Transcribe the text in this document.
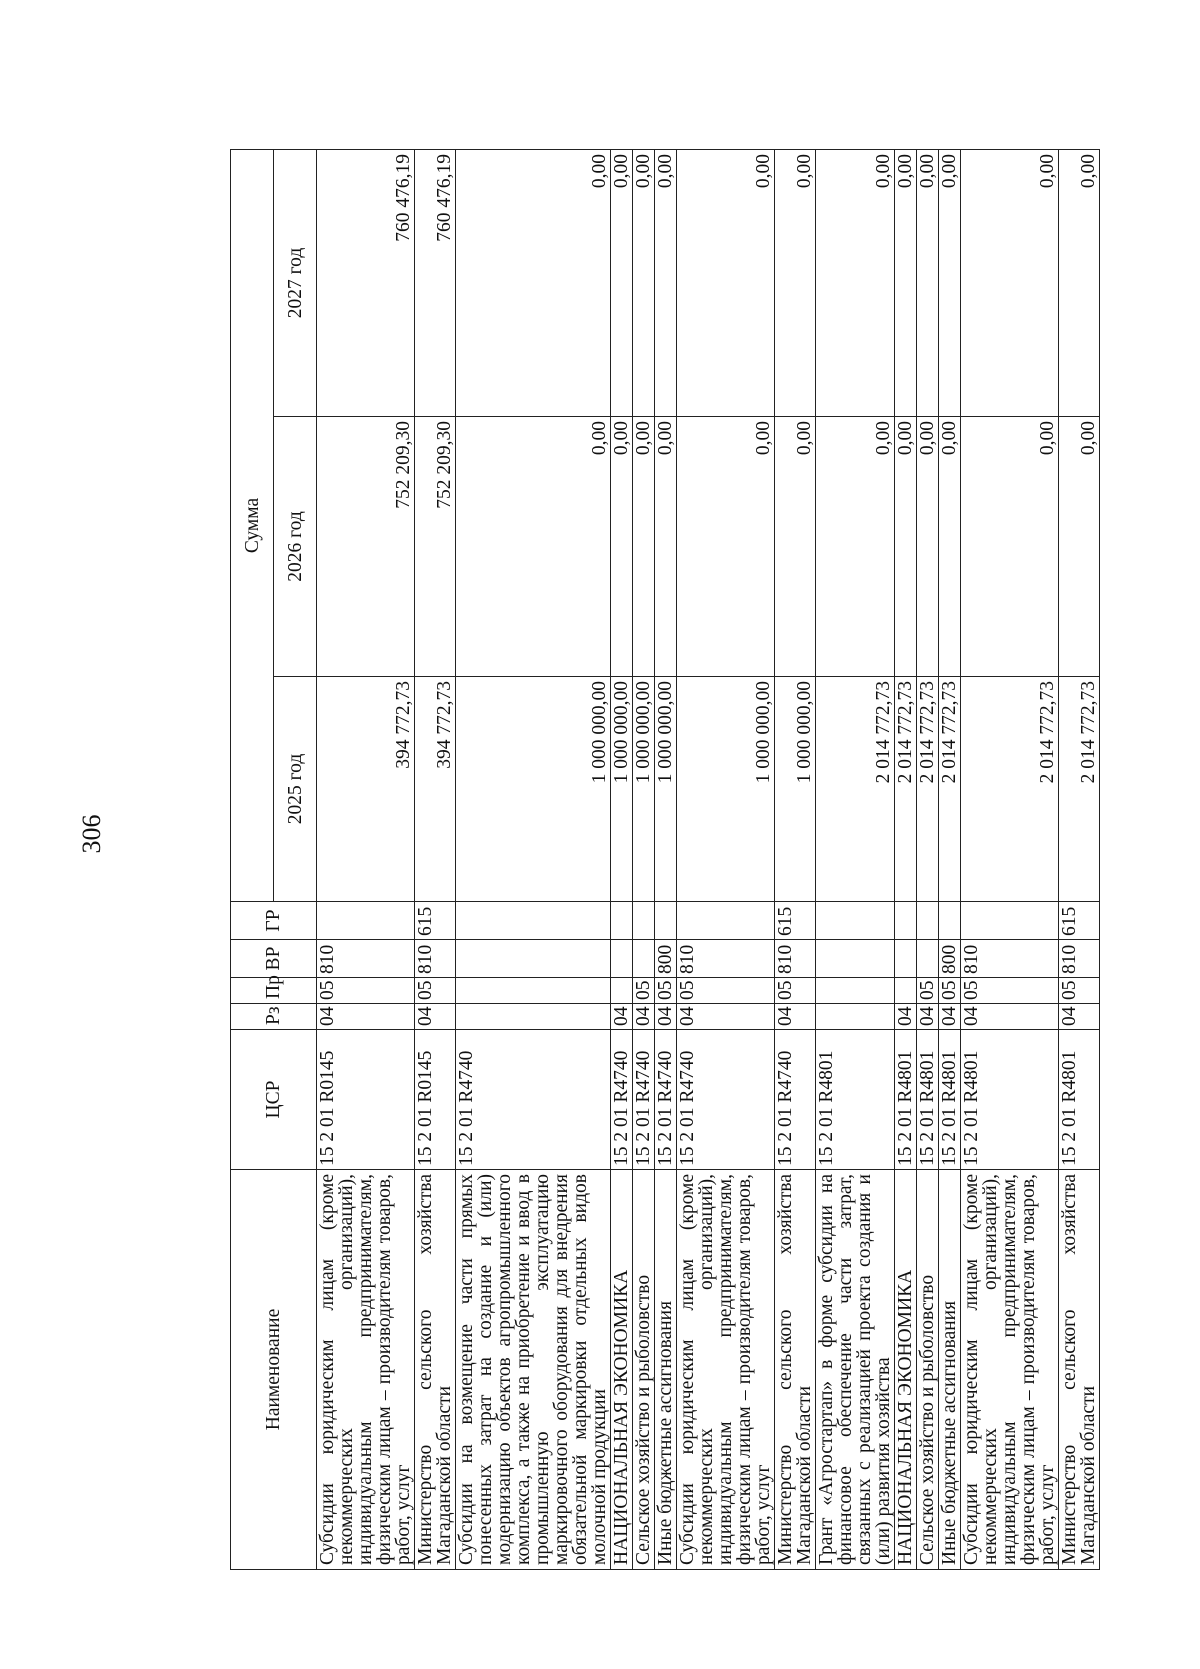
306
Наименование	ЦСР	Рз	Пр	ВР	ГР	Сумма		
						2025 год	2026 год	2027 год
Субсидии юридическим лицам (кроме некоммерческих организаций), индивидуальным предпринимателям, физическим лицам – производителям товаров, работ, услуг	15 2 01 R0145	04	05	810		394 772,73	752 209,30	760 476,19
Министерство сельского хозяйства Магаданской области	15 2 01 R0145	04	05	810	615	394 772,73	752 209,30	760 476,19
Субсидии на возмещение части прямых понесенных затрат на создание и (или) модернизацию объектов агропромышленного комплекса, а также на приобретение и ввод в промышленную эксплуатацию маркировочного оборудования для внедрения обязательной маркировки отдельных видов молочной продукции	15 2 01 R4740					1 000 000,00	0,00	0,00
НАЦИОНАЛЬНАЯ ЭКОНОМИКА	15 2 01 R4740	04				1 000 000,00	0,00	0,00
Сельское хозяйство и рыболовство	15 2 01 R4740	04	05			1 000 000,00	0,00	0,00
Иные бюджетные ассигнования	15 2 01 R4740	04	05	800		1 000 000,00	0,00	0,00
Субсидии юридическим лицам (кроме некоммерческих организаций), индивидуальным предпринимателям, физическим лицам – производителям товаров, работ, услуг	15 2 01 R4740	04	05	810		1 000 000,00	0,00	0,00
Министерство сельского хозяйства Магаданской области	15 2 01 R4740	04	05	810	615	1 000 000,00	0,00	0,00
Грант «Агростартап» в форме субсидии на финансовое обеспечение части затрат, связанных с реализацией проекта создания и (или) развития хозяйства	15 2 01 R4801					2 014 772,73	0,00	0,00
НАЦИОНАЛЬНАЯ ЭКОНОМИКА	15 2 01 R4801	04				2 014 772,73	0,00	0,00
Сельское хозяйство и рыболовство	15 2 01 R4801	04	05			2 014 772,73	0,00	0,00
Иные бюджетные ассигнования	15 2 01 R4801	04	05	800		2 014 772,73	0,00	0,00
Субсидии юридическим лицам (кроме некоммерческих организаций), индивидуальным предпринимателям, физическим лицам – производителям товаров, работ, услуг	15 2 01 R4801	04	05	810		2 014 772,73	0,00	0,00
Министерство сельского хозяйства Магаданской области	15 2 01 R4801	04	05	810	615	2 014 772,73	0,00	0,00
